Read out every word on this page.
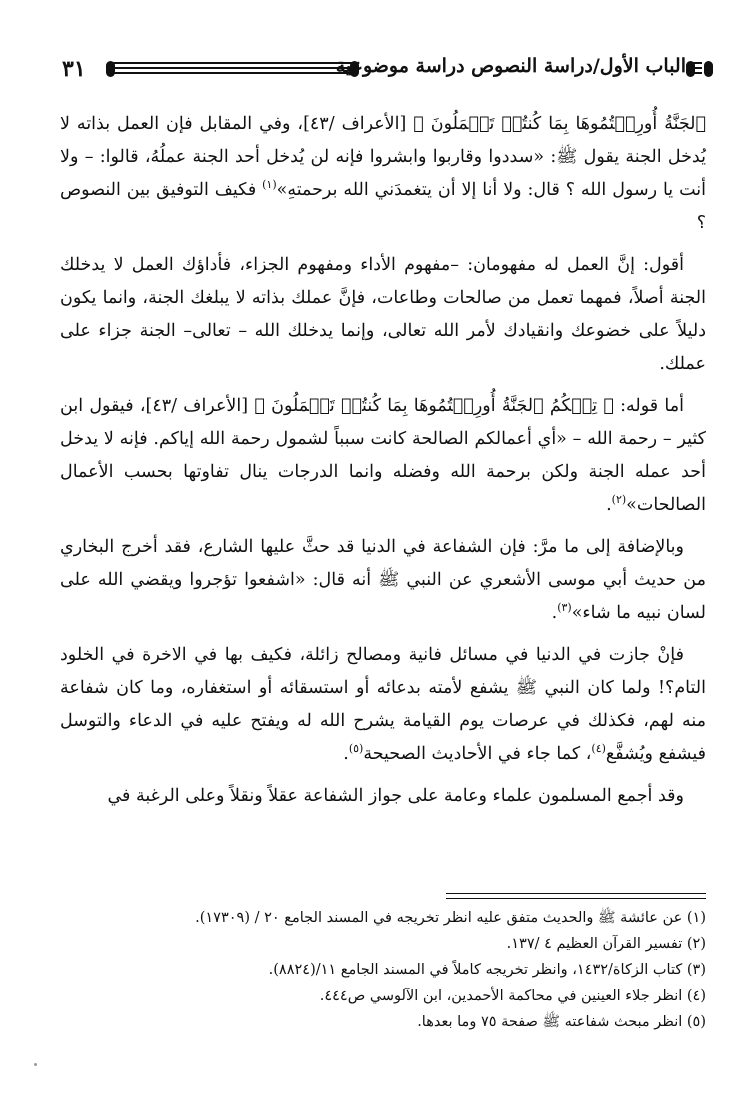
٣١	الباب الأول/دراسة النصوص دراسة موضوعية

ﭐﻟﺠَﻨَّﺔُ أُورِثۡتُمُوهَا بِمَا كُنتُمۡ تَعۡمَلُونَ ﴾ [الأعراف /٤٣]، وفي المقابل فإن العمل بذاته لا يُدخل الجنة يقول ﷺ: «سددوا وقاربوا وابشروا فإنه لن يُدخل أحد الجنة عملُهُ، قالوا: – ولا أنت يا رسول الله ؟ قال: ولا أنا إلا أن يتغمدَني الله برحمتهِ»$^{(١)}$ فكيف التوفيق بين النصوص ؟

أقول: إنَّ العمل له مفهومان: –مفهوم الأداء ومفهوم الجزاء، فأداؤك العمل لا يدخلك الجنة أصلاً، فمهما تعمل من صالحات وطاعات، فإنَّ عملك بذاته لا يبلغك الجنة، وانما يكون دليلاً على خضوعك وانقيادك لأمر الله تعالى، وإنما يدخلك الله – تعالى– الجنة جزاء على عملك.

أما قوله: ﴿ تِلۡكُمُ ﭐﻟﺠَﻨَّﺔُ أُورِثۡتُمُوهَا بِمَا كُنتُمۡ تَعۡمَلُونَ ﴾ [الأعراف /٤٣]، فيقول ابن كثير – رحمة الله – «أي أعمالكم الصالحة كانت سبباً لشمول رحمة الله إياكم. فإنه لا يدخل أحد عمله الجنة ولكن برحمة الله وفضله وانما الدرجات ينال تفاوتها بحسب الأعمال الصالحات»$^{(٢)}$.

وبالإضافة إلى ما مرَّ: فإن الشفاعة في الدنيا قد حثَّ عليها الشارع، فقد أخرج البخاري من حديث أبي موسى الأشعري عن النبي ﷺ أنه قال: «اشفعوا تؤجروا ويقضي الله على لسان نبيه ما شاء»$^{(٣)}$.

فإنْ جازت في الدنيا في مسائل فانية ومصالح زائلة، فكيف بها في الاخرة في الخلود التام؟! ولما كان النبي ﷺ يشفع لأمته بدعائه أو استسقائه أو استغفاره، وما كان شفاعة منه لهم، فكذلك في عرصات يوم القيامة يشرح الله له ويفتح عليه في الدعاء والتوسل فيشفع ويُشفَّع$^{(٤)}$، كما جاء في الأحاديث الصحيحة$^{(٥)}$.

وقد أجمع المسلمون علماء وعامة على جواز الشفاعة عقلاً ونقلاً وعلى الرغبة في

(١) عن عائشة ﷺ والحديث متفق عليه انظر تخريجه في المسند الجامع ٢٠ / (١٧٣٠٩).
(٢) تفسير القرآن العظيم ٤ /١٣٧.
(٣) كتاب الزكاة/١٤٣٢، وانظر تخريجه كاملاً في المسند الجامع ١١/(٨٨٢٤).
(٤) انظر جلاء العينين في محاكمة الأحمدين، ابن الآلوسي ص٤٤٤.
(٥) انظر مبحث شفاعته ﷺ صفحة ٧٥ وما بعدها.
